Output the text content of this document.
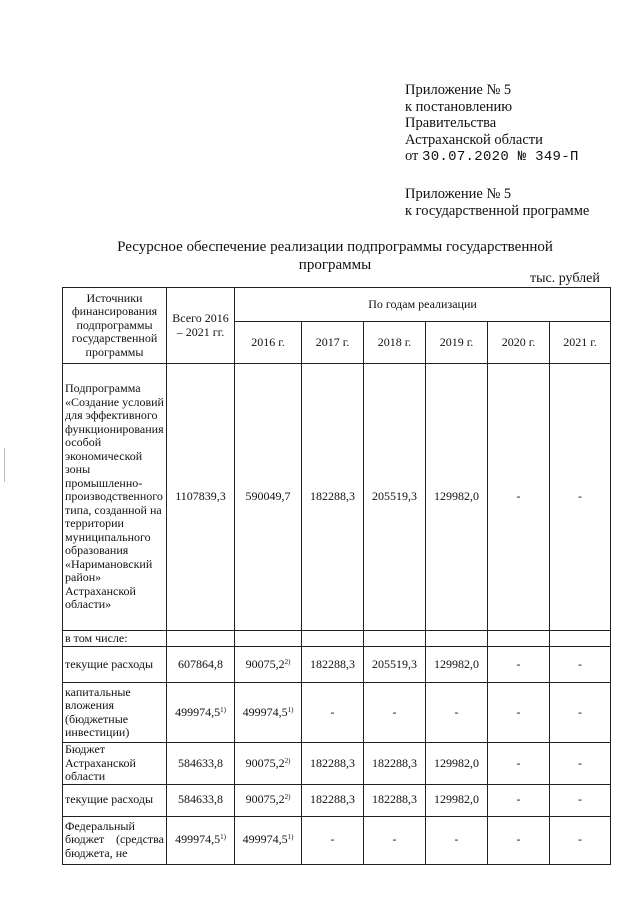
Приложение № 5
к постановлению
Правительства
Астраханской области
от 30.07.2020 № 349-П
Приложение № 5
к государственной программе
Ресурсное обеспечение реализации подпрограммы государственной программы
тыс. рублей
Источники финансирования подпрограммы государственной программы	Всего 2016 – 2021 гг.	По годам реализации					
		2016 г.	2017 г.	2018 г.	2019 г.	2020 г.	2021 г.
Подпрограмма «Создание условий для эффективного функционирования особой экономической зоны промышленно-производственного типа, созданной на территории муниципального образования «Наримановский район» Астраханской области»	1107839,3	590049,7	182288,3	205519,3	129982,0	-	-
в том числе:							
текущие расходы	607864,8	90075,2$^{2)}$	182288,3	205519,3	129982,0	-	-
капитальные вложения (бюджетные инвестиции)	499974,5$^{1)}$	499974,5$^{1)}$	-	-	-	-	-
Бюджет Астраханской области	584633,8	90075,2$^{2)}$	182288,3	182288,3	129982,0	-	-
текущие расходы	584633,8	90075,2$^{2)}$	182288,3	182288,3	129982,0	-	-
Федеральный бюджет (средства бюджета, не	499974,5$^{1)}$	499974,5$^{1)}$	-	-	-	-	-
